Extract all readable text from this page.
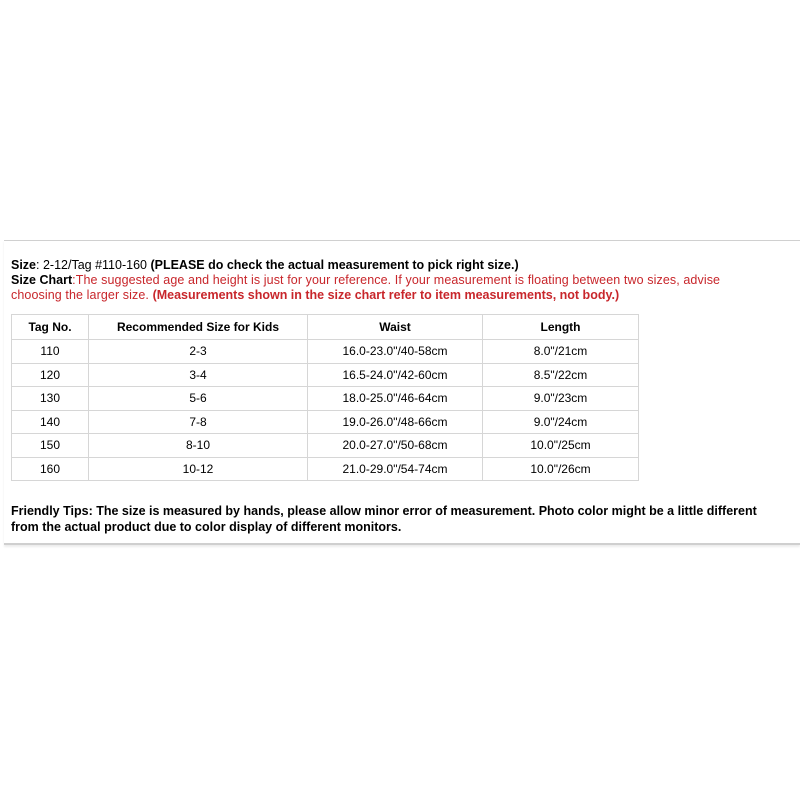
Size: 2-12/Tag #110-160 (PLEASE do check the actual measurement to pick right size.)
Size Chart:The suggested age and height is just for your reference. If your measurement is floating between two sizes, advise
choosing the larger size. (Measurements shown in the size chart refer to item measurements, not body.)
Tag No.	Recommended Size for Kids	Waist	Length
110	2-3	16.0-23.0"/40-58cm	8.0"/21cm
120	3-4	16.5-24.0"/42-60cm	8.5"/22cm
130	5-6	18.0-25.0"/46-64cm	9.0"/23cm
140	7-8	19.0-26.0"/48-66cm	9.0"/24cm
150	8-10	20.0-27.0"/50-68cm	10.0"/25cm
160	10-12	21.0-29.0"/54-74cm	10.0"/26cm
Friendly Tips: The size is measured by hands, please allow minor error of measurement. Photo color might be a little different
from the actual product due to color display of different monitors.
